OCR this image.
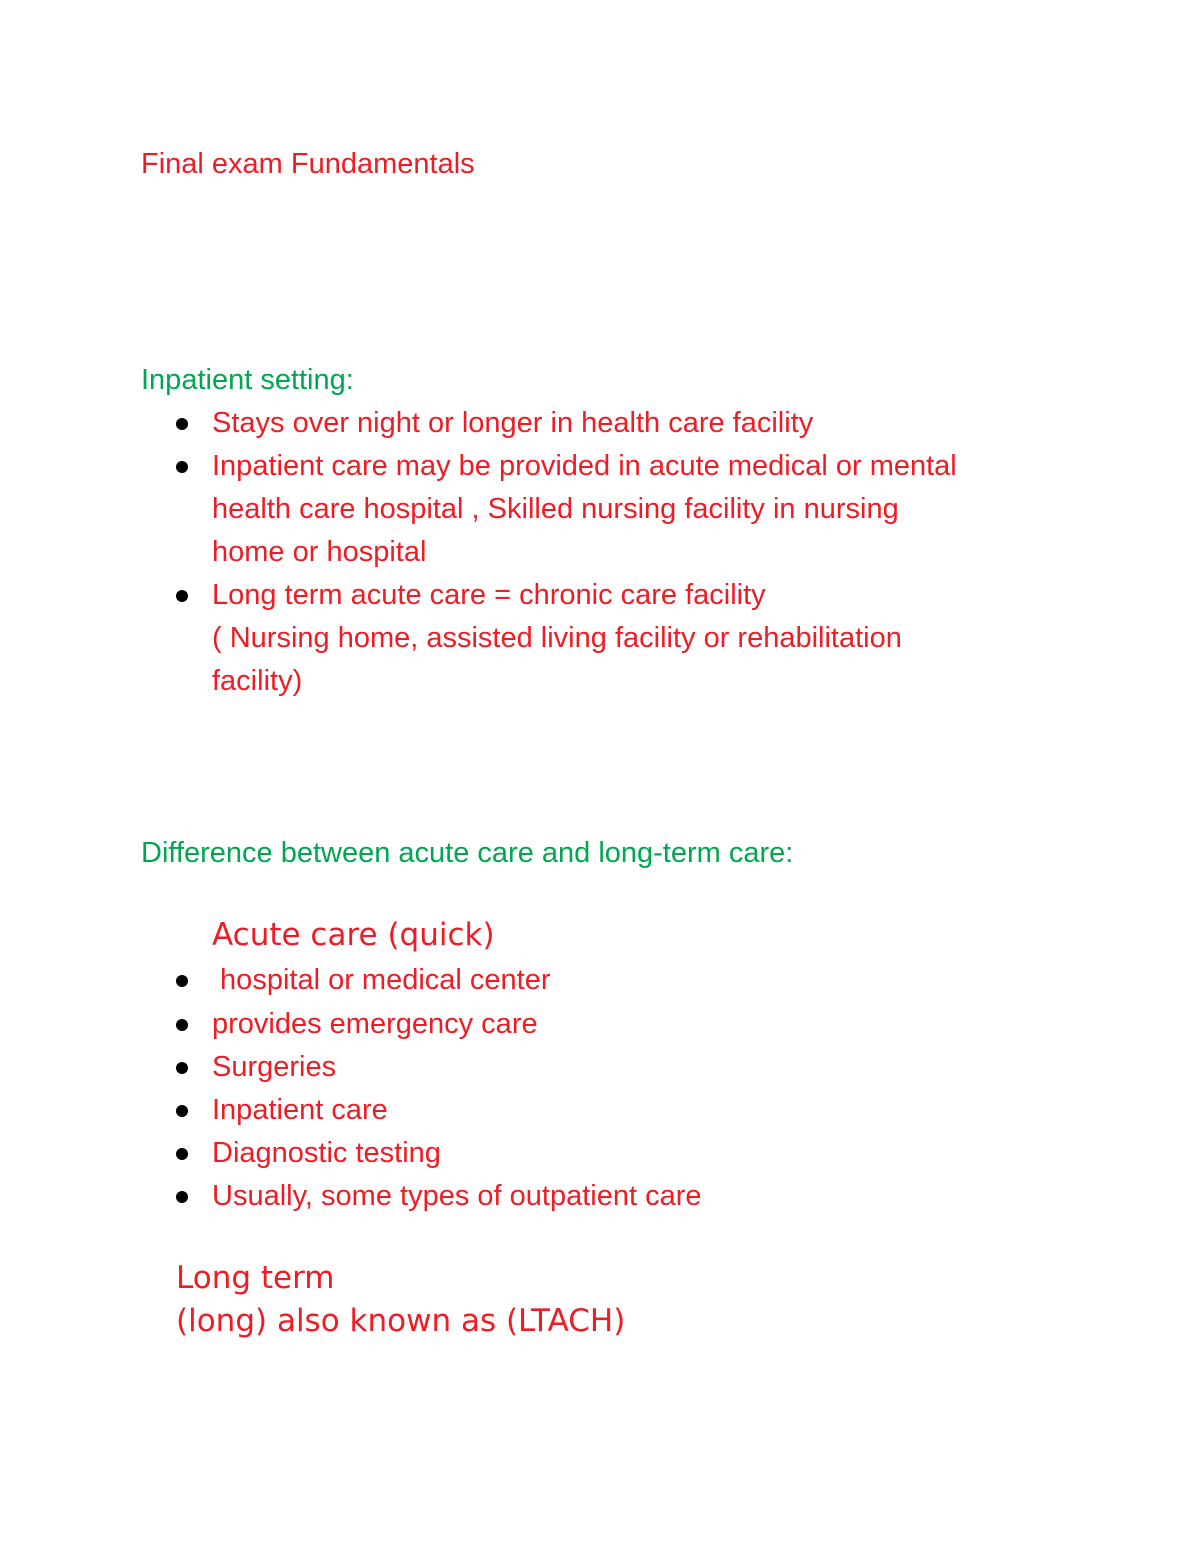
Final exam Fundamentals
Inpatient setting:
Stays over night or longer in health care facility
Inpatient care may be provided in acute medical or mental
health care hospital , Skilled nursing facility in nursing
home or hospital
Long term acute care = chronic care facility
( Nursing home, assisted living facility or rehabilitation
facility)
Difference between acute care and long-term care:
Acute care (quick)
hospital or medical center
provides emergency care
Surgeries
Inpatient care
Diagnostic testing
Usually, some types of outpatient care
Long term
(long) also known as (LTACH)
